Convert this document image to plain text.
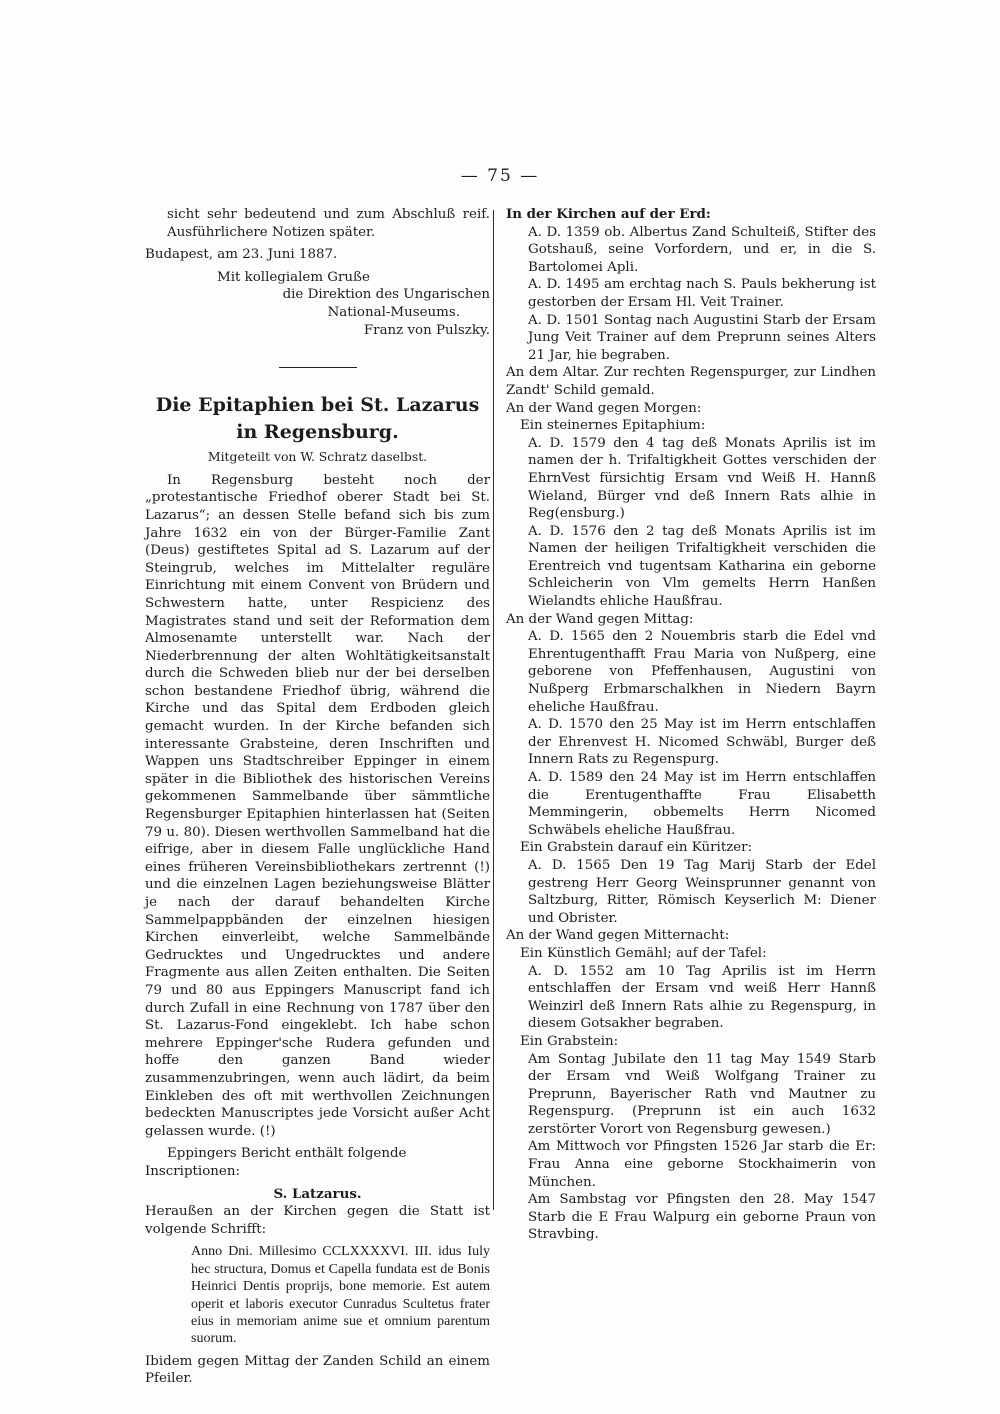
— 75 —

sicht sehr bedeutend und zum Abschluß reif. Ausführlichere Notizen später.

Budapest, am 23. Juni 1887.

Mit kollegialem Gruße

die Direktion des Ungarischen

National-Museums.

Franz von Pulszky.

Die Epitaphien bei St. Lazarus

in Regensburg.

Mitgeteilt von W. Schratz daselbst.

In Regensburg besteht noch der „protestantische Friedhof oberer Stadt bei St. Lazarus“; an dessen Stelle befand sich bis zum Jahre 1632 ein von der Bürger-Familie Zant (Deus) gestiftetes Spital ad S. Lazarum auf der Steingrub, welches im Mittelalter reguläre Einrichtung mit einem Convent von Brüdern und Schwestern hatte, unter Respicienz des Magistrates stand und seit der Reformation dem Almosenamte unterstellt war. Nach der Niederbrennung der alten Wohltätigkeitsanstalt durch die Schweden blieb nur der bei derselben schon bestandene Friedhof übrig, während die Kirche und das Spital dem Erdboden gleich gemacht wurden. In der Kirche befanden sich interessante Grabsteine, deren Inschriften und Wappen uns Stadtschreiber Eppinger in einem später in die Bibliothek des historischen Vereins gekommenen Sammelbande über sämmtliche Regensburger Epitaphien hinterlassen hat (Seiten 79 u. 80). Diesen werthvollen Sammelband hat die eifrige, aber in diesem Falle unglückliche Hand eines früheren Vereinsbibliothekars zertrennt (!) und die einzelnen Lagen beziehungsweise Blätter je nach der darauf behandelten Kirche Sammelpappbänden der einzelnen hiesigen Kirchen einverleibt, welche Sammelbände Gedrucktes und Ungedrucktes und andere Fragmente aus allen Zeiten enthalten. Die Seiten 79 und 80 aus Eppingers Manuscript fand ich durch Zufall in eine Rechnung von 1787 über den St. Lazarus-Fond eingeklebt. Ich habe schon mehrere Eppinger'sche Rudera gefunden und hoffe den ganzen Band wieder zusammenzubringen, wenn auch lädirt, da beim Einkleben des oft mit werthvollen Zeichnungen bedeckten Manuscriptes jede Vorsicht außer Acht gelassen wurde. (!)

Eppingers Bericht enthält folgende Inscriptionen:

S. Latzarus.

Heraußen an der Kirchen gegen die Statt ist volgende Schrifft:

Anno Dni. Millesimo CCLXXXXVI. III. idus Iuly hec structura, Domus et Capella fundata est de Bonis Heinrici Dentis proprijs, bone memorie. Est autem operit et laboris executor Cunradus Scultetus frater eius in memoriam anime sue et omnium parentum suorum.

Ibidem gegen Mittag der Zanden Schild an einem Pfeiler.

In der Kirchen auf der Erd:

A. D. 1359 ob. Albertus Zand Schulteiß, Stifter des Gotshauß, seine Vorfordern, und er, in die S. Bartolomei Apli.

A. D. 1495 am erchtag nach S. Pauls bekherung ist gestorben der Ersam Hl. Veit Trainer.

A. D. 1501 Sontag nach Augustini Starb der Ersam Jung Veit Trainer auf dem Preprunn seines Alters 21 Jar, hie begraben.

An dem Altar. Zur rechten Regenspurger, zur Lindhen Zandt' Schild gemald.

An der Wand gegen Morgen:

Ein steinernes Epitaphium:

A. D. 1579 den 4 tag deß Monats Aprilis ist im namen der h. Trifaltigkheit Gottes verschiden der EhrnVest fürsichtig Ersam vnd Weiß H. Hannß Wieland, Bürger vnd deß Innern Rats alhie in Reg(ensburg.)

A. D. 1576 den 2 tag deß Monats Aprilis ist im Namen der heiligen Trifaltigkheit verschiden die Erentreich vnd tugentsam Katharina ein geborne Schleicherin von Vlm gemelts Herrn Hanßen Wielandts ehliche Haußfrau.

An der Wand gegen Mittag:

A. D. 1565 den 2 Nouembris starb die Edel vnd Ehrentugenthafft Frau Maria von Nußperg, eine geborene von Pfeffenhausen, Augustini von Nußperg Erbmarschalkhen in Niedern Bayrn eheliche Haußfrau.

A. D. 1570 den 25 May ist im Herrn entschlaffen der Ehrenvest H. Nicomed Schwäbl, Burger deß Innern Rats zu Regenspurg.

A. D. 1589 den 24 May ist im Herrn entschlaffen die Erentugenthaffte Frau Elisabetth Memmingerin, obbemelts Herrn Nicomed Schwäbels eheliche Haußfrau.

Ein Grabstein darauf ein Küritzer:

A. D. 1565 Den 19 Tag Marij Starb der Edel gestreng Herr Georg Weinsprunner genannt von Saltzburg, Ritter, Römisch Keyserlich M: Diener und Obrister.

An der Wand gegen Mitternacht:

Ein Künstlich Gemähl; auf der Tafel:

A. D. 1552 am 10 Tag Aprilis ist im Herrn entschlaffen der Ersam vnd weiß Herr Hannß Weinzirl deß Innern Rats alhie zu Regenspurg, in diesem Gotsakher begraben.

Ein Grabstein:

Am Sontag Jubilate den 11 tag May 1549 Starb der Ersam vnd Weiß Wolfgang Trainer zu Preprunn, Bayerischer Rath vnd Mautner zu Regenspurg. (Preprunn ist ein auch 1632 zerstörter Vorort von Regensburg gewesen.)

Am Mittwoch vor Pfingsten 1526 Jar starb die Er: Frau Anna eine geborne Stockhaimerin von München.

Am Sambstag vor Pfingsten den 28. May 1547 Starb die E Frau Walpurg ein geborne Praun von Stravbing.
